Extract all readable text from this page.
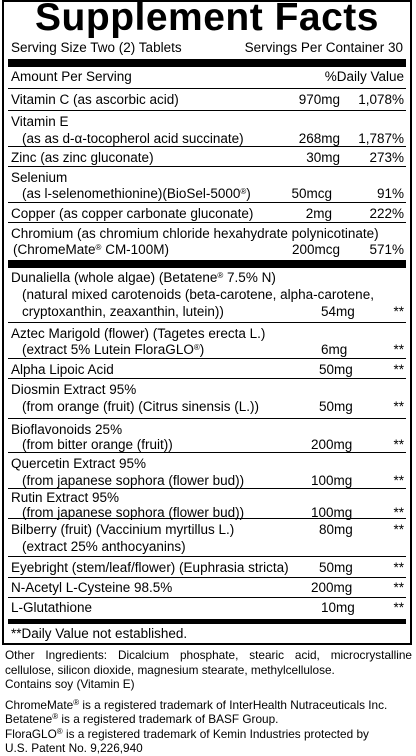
Supplement Facts
Serving Size Two (2) Tablets	Servings Per Container 30
Amount Per Serving	%Daily Value
Vitamin C (as ascorbic acid)	970mg 1,078%
Vitamin E
(as as d-α-tocopherol acid succinate)	268mg 1,787%
Zinc (as zinc gluconate)	30mg 273%
Selenium
(as l-selenomethionine)(BioSel-5000®)	50mcg	91%
Copper (as copper carbonate gluconate)	2mg	222%
Chromium (as chromium chloride hexahydrate polynicotinate)
(ChromeMate® CM-100M)	200mcg 571%
Dunaliella (whole algae) (Betatene® 7.5% N)
(natural mixed carotenoids (beta-carotene, alpha-carotene,
cryptoxanthin, zeaxanthin, lutein))	54mg	**
Aztec Marigold (flower) (Tagetes erecta L.)
(extract 5% Lutein FloraGLO®)	6mg	**
Alpha Lipoic Acid	50mg	**
Diosmin Extract 95%
(from orange (fruit) (Citrus sinensis (L.))	50mg	**
Bioflavonoids 25%
(from bitter orange (fruit))	200mg	**
Quercetin Extract 95%
(from japanese sophora (flower bud))	100mg	**
Rutin Extract 95%
(from japanese sophora (flower bud))	100mg	**
Bilberry (fruit) (Vaccinium myrtillus L.)
(extract 25% anthocyanins)
80mg	**
Eyebright (stem/leaf/flower) (Euphrasia stricta) 50mg	**
N-Acetyl L-Cysteine 98.5%	200mg	**
L-Glutathione	10mg	**
**Daily Value not established.
Other Ingredients: Dicalcium phosphate, stearic acid, microcrystalline
cellulose, silicon dioxide, magnesium stearate, methylcellulose.
Contains soy (Vitamin E)
ChromeMate® is a registered trademark of InterHealth Nutraceuticals Inc.
Betatene® is a registered trademark of BASF Group.
FloraGLO® is a registered trademark of Kemin Industries protected by
U.S. Patent No. 9,226,940
